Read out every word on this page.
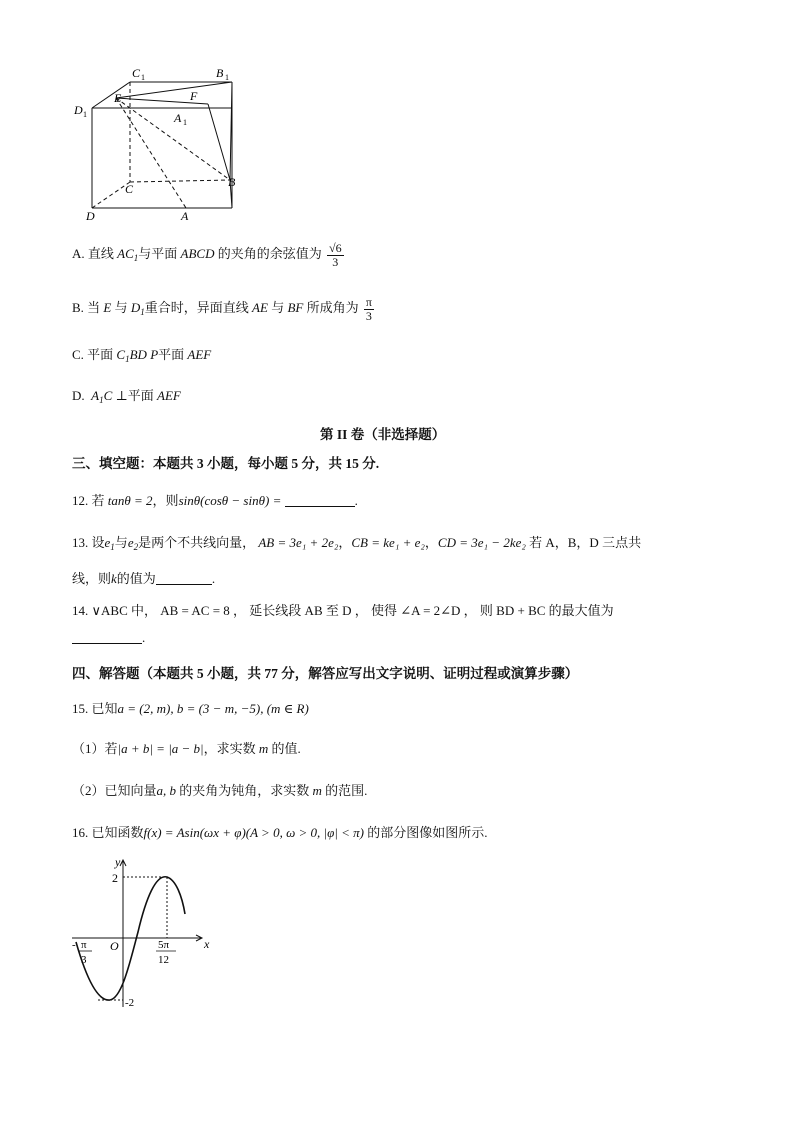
C 1	B 1
D 1
E	F
A 1
C	B
D	A
A. 直线 $AC_1$与平面 ABCD 的夹角的余弦值为 $\frac{√6}{3}$
B. 当 E 与 $D_1$重合时，异面直线 AE 与 BF 所成角为 $\frac{\pi}{3}$
C. 平面 $C_1BD$ P平面 AEF
D. $A_1C$ ⊥平面 AEF
第 II 卷（非选择题）
三、填空题：本题共 3 小题，每小题 5 分，共 15 分.
12. 若 tanθ = 2，则sinθ(cosθ − sinθ) =	.
13. 设$e_1$与$e_2$是两个不共线向量， AB = 3e₁ + 2e₂，CB = ke₁ + e₂，CD = 3e₁ − 2ke₂ 若 A，B，D 三点共
线，则k的值为	.
14. ∨ABC 中， AB = AC = 8 ， 延长线段 AB 至 D ， 使得 ∠A = 2∠D ， 则 BD + BC 的最大值为
.
四、解答题（本题共 5 小题，共 77 分，解答应写出文字说明、证明过程或演算步骤）
15. 已知a = (2, m), b = (3 − m, −5), (m ∈ R)
（1）若|a + b| = |a − b|，求实数 m 的值.
（2）已知向量a, b 的夹角为钝角，求实数 m 的范围.
16. 已知函数f(x) = Asin(ωx + φ)(A > 0, ω > 0, |φ| < π) 的部分图像如图所示.
y
x
2
-2
O
- π
3
5π
12
